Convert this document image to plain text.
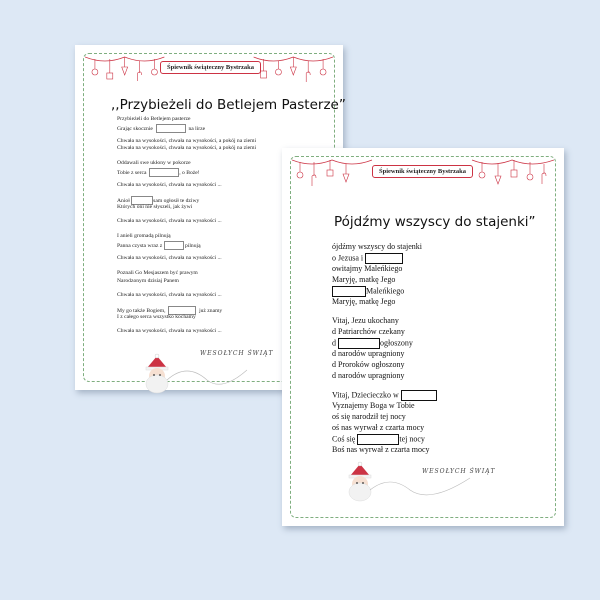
Śpiewnik świąteczny Bystrzaka
,,Przybieżeli do Betlejem Pasterze”
Przybieżeli do Betlejem pasterze
Grając skocznie	na lirze
Chwała na wysokości, chwała na wysokości, a pokój na ziemi
Chwała na wysokości, chwała na wysokości, a pokój na ziemi
Oddawali swe ukłony w pokorze
Tobie z serca	, o Boże!
Chwała na wysokości, chwała na wysokości ...
Anioł	sam ogłosił te dziwy
Których oni nie słyszeli, jak żywi
Chwała na wysokości, chwała na wysokości ...
I anieli gromadą pilnują
Panna czysta wraz z	pilnują
Chwała na wysokości, chwała na wysokości ...
Poznali Go Mesjaszem być prawym
Narodzonym dzisiaj Panem
Chwała na wysokości, chwała na wysokości ...
My go także Bogiem,	już znamy
I z całego serca wszystko kochamy
Chwała na wysokości, chwała na wysokości ...
WESOŁYCH ŚWIĄT
Śpiewnik świąteczny Bystrzaka
Pójdźmy wszyscy do stajenki”
ójdźmy wszyscy do stajenki
o Jezusa i
owitajmy Maleńkiego
Maryję, matkę Jego
Maleńkiego
Maryję, matkę Jego
Vitaj, Jezu ukochany
d Patriarchów czekany
d	ogłoszony
d narodów upragniony
d Proroków ogłoszony
d narodów upragniony
Vitaj, Dzieciecz​ko w
Vyznajemy Boga w Tobie
oś się narodził tej nocy
oś nas wyrwał z czarta mocy
Coś się	tej nocy
Boś nas wyrwał z czarta mocy
WESOŁYCH ŚWIĄT
